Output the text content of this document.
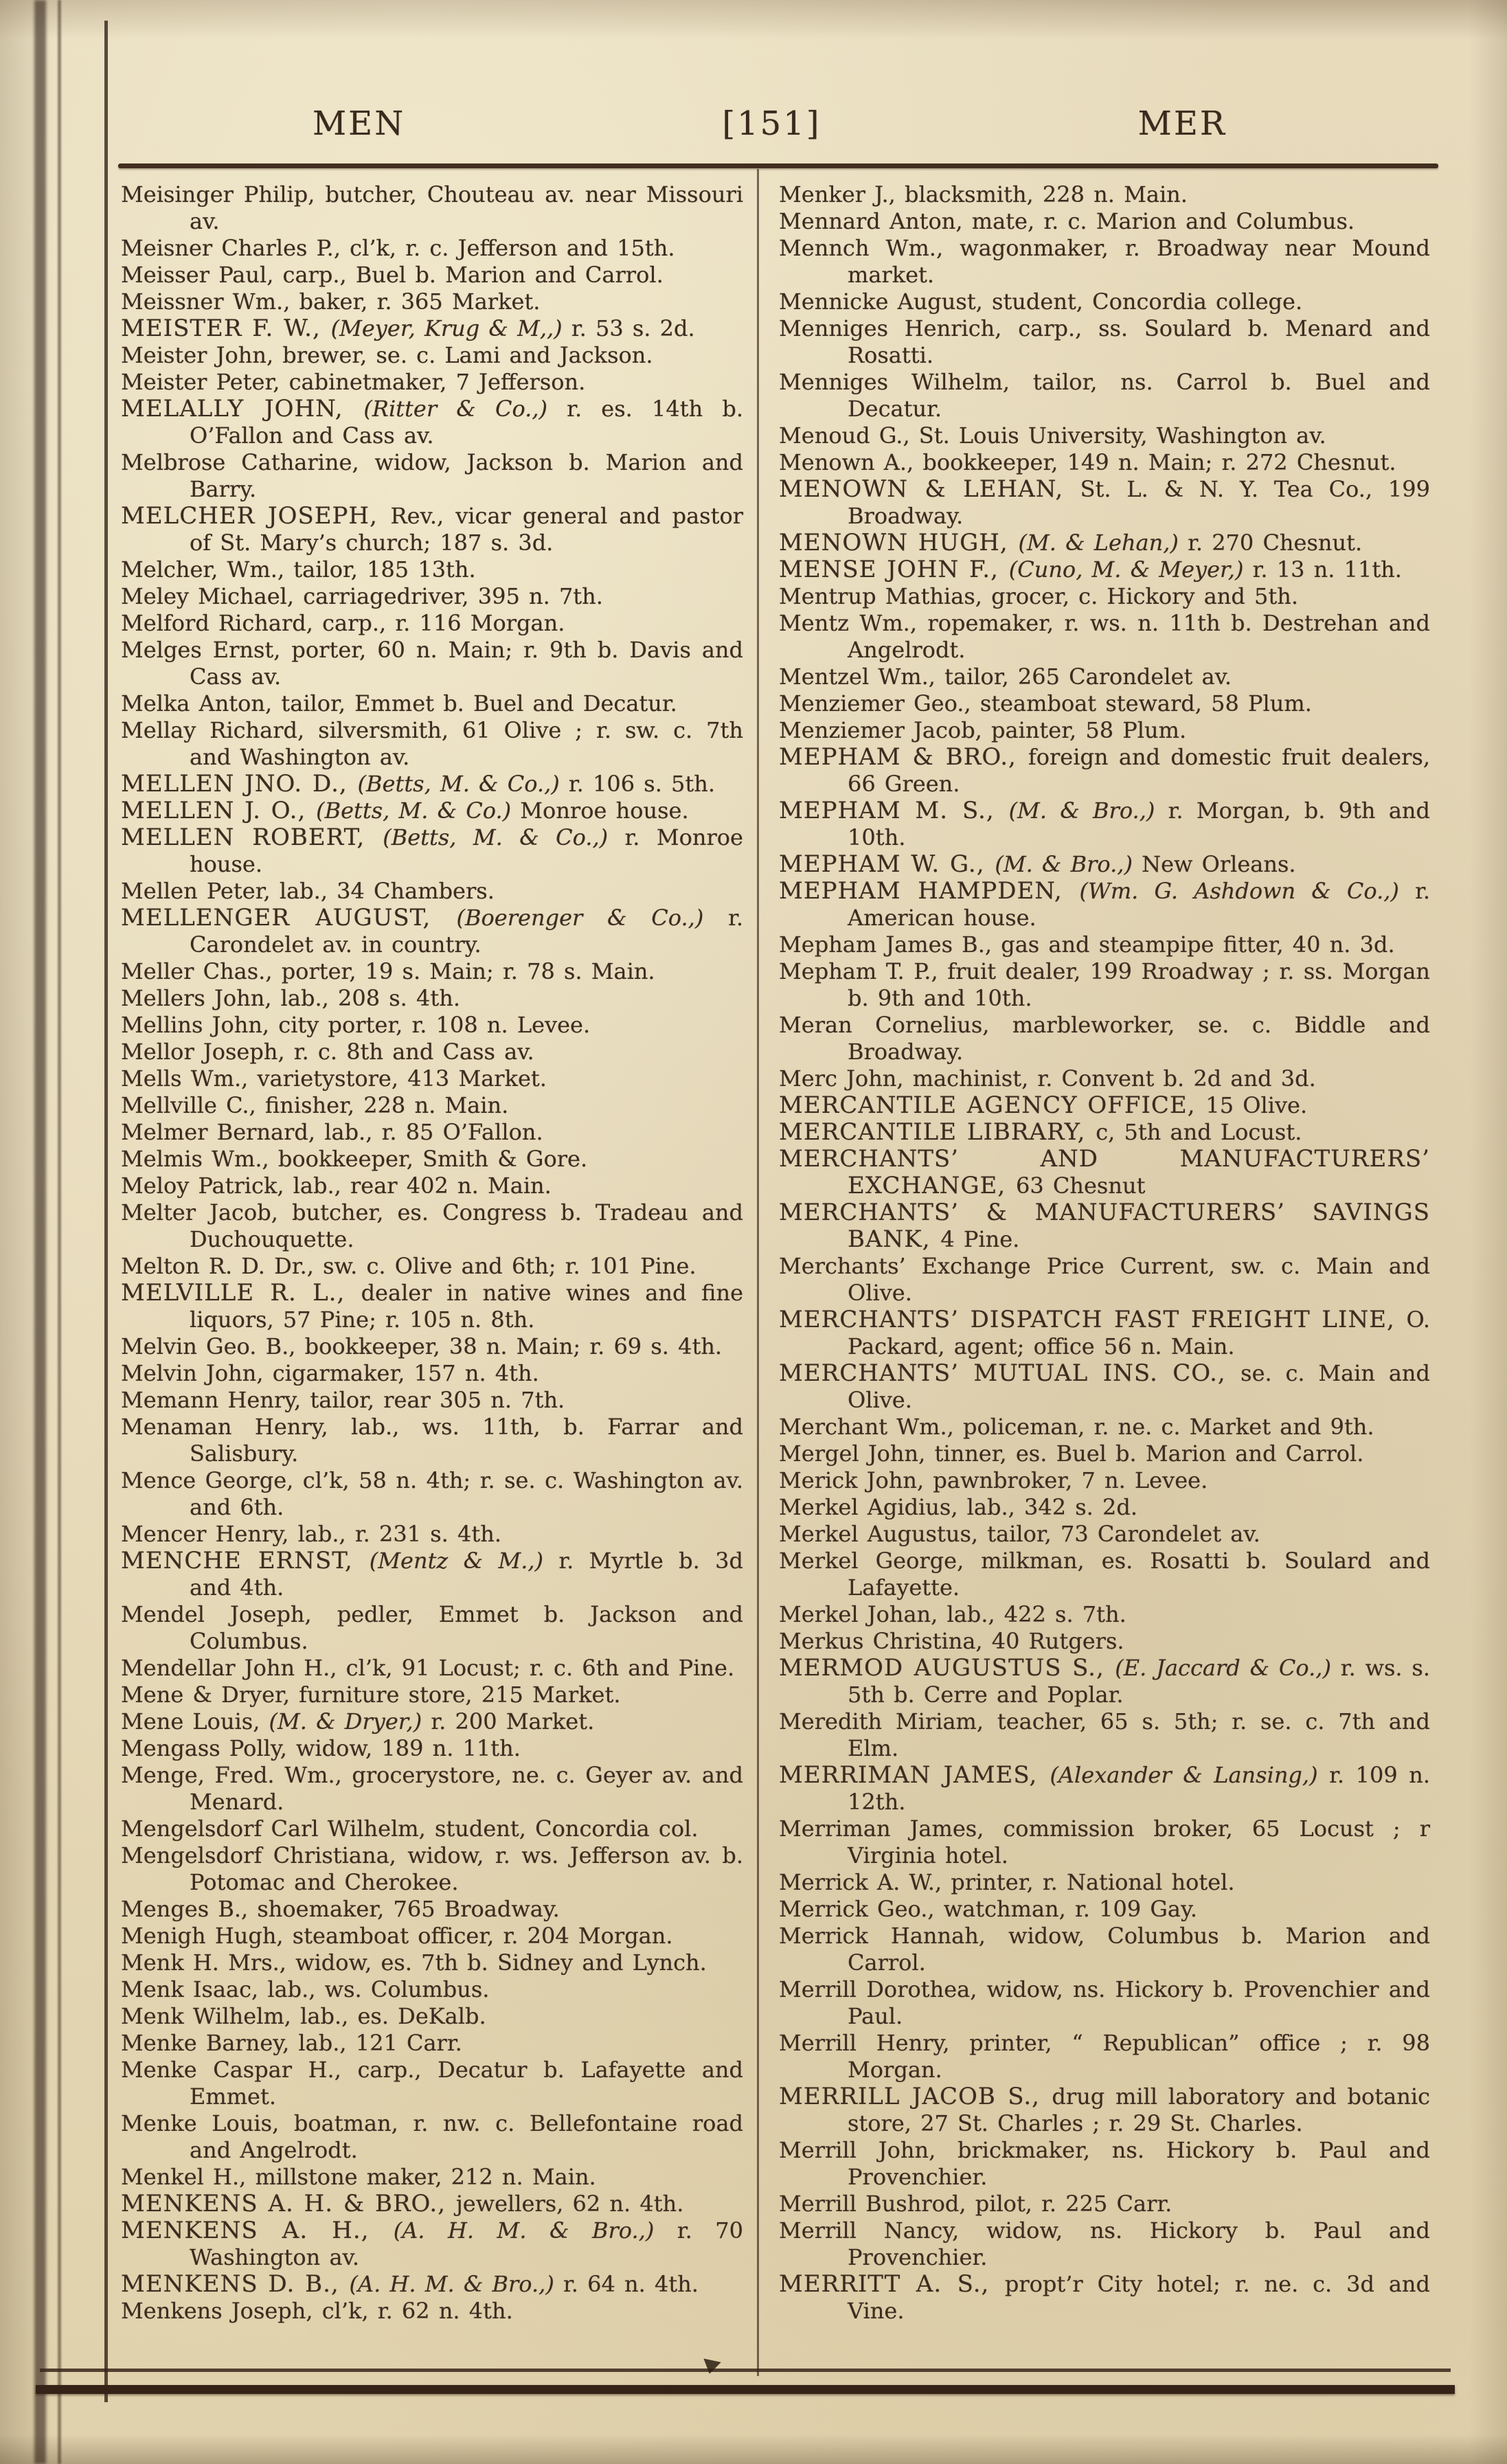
MEN	[151]	MER

Meisinger Philip, butcher, Chouteau av. near Missouri av.

Meisner Charles P., cl’k, r. c. Jefferson and 15th.

Meisser Paul, carp., Buel b. Marion and Carrol.

Meissner Wm., baker, r. 365 Market.

MEISTER F. W., (Meyer, Krug & M,,) r. 53 s. 2d.

Meister John, brewer, se. c. Lami and Jackson.

Meister Peter, cabinetmaker, 7 Jefferson.

MELALLY JOHN, (Ritter & Co.,) r. es. 14th b. O’Fallon and Cass av.

Melbrose Catharine, widow, Jackson b. Marion and Barry.

MELCHER JOSEPH, Rev., vicar general and pastor of St. Mary’s church; 187 s. 3d.

Melcher, Wm., tailor, 185 13th.

Meley Michael, carriagedriver, 395 n. 7th.

Melford Richard, carp., r. 116 Morgan.

Melges Ernst, porter, 60 n. Main; r. 9th b. Davis and Cass av.

Melka Anton, tailor, Emmet b. Buel and Decatur.

Mellay Richard, silversmith, 61 Olive ; r. sw. c. 7th and Washington av.

MELLEN JNO. D., (Betts, M. & Co.,) r. 106 s. 5th.

MELLEN J. O., (Betts, M. & Co.) Monroe house.

MELLEN ROBERT, (Betts, M. & Co.,) r. Monroe house.

Mellen Peter, lab., 34 Chambers.

MELLENGER AUGUST, (Boerenger & Co.,) r. Carondelet av. in country.

Meller Chas., porter, 19 s. Main; r. 78 s. Main.

Mellers John, lab., 208 s. 4th.

Mellins John, city porter, r. 108 n. Levee.

Mellor Joseph, r. c. 8th and Cass av.

Mells Wm., varietystore, 413 Market.

Mellville C., finisher, 228 n. Main.

Melmer Bernard, lab., r. 85 O’Fallon.

Melmis Wm., bookkeeper, Smith & Gore.

Meloy Patrick, lab., rear 402 n. Main.

Melter Jacob, butcher, es. Congress b. Tradeau and Duchouquette.

Melton R. D. Dr., sw. c. Olive and 6th; r. 101 Pine.

MELVILLE R. L., dealer in native wines and fine liquors, 57 Pine; r. 105 n. 8th.

Melvin Geo. B., bookkeeper, 38 n. Main; r. 69 s. 4th.

Melvin John, cigarmaker, 157 n. 4th.

Memann Henry, tailor, rear 305 n. 7th.

Menaman Henry, lab., ws. 11th, b. Farrar and Salisbury.

Mence George, cl’k, 58 n. 4th; r. se. c. Washington av. and 6th.

Mencer Henry, lab., r. 231 s. 4th.

MENCHE ERNST, (Mentz & M.,) r. Myrtle b. 3d and 4th.

Mendel Joseph, pedler, Emmet b. Jackson and Columbus.

Mendellar John H., cl’k, 91 Locust; r. c. 6th and Pine.

Mene & Dryer, furniture store, 215 Market.

Mene Louis, (M. & Dryer,) r. 200 Market.

Mengass Polly, widow, 189 n. 11th.

Menge, Fred. Wm., grocerystore, ne. c. Geyer av. and Menard.

Mengelsdorf Carl Wilhelm, student, Concordia col.

Mengelsdorf Christiana, widow, r. ws. Jefferson av. b. Potomac and Cherokee.

Menges B., shoemaker, 765 Broadway.

Menigh Hugh, steamboat officer, r. 204 Morgan.

Menk H. Mrs., widow, es. 7th b. Sidney and Lynch.

Menk Isaac, lab., ws. Columbus.

Menk Wilhelm, lab., es. DeKalb.

Menke Barney, lab., 121 Carr.

Menke Caspar H., carp., Decatur b. Lafayette and Emmet.

Menke Louis, boatman, r. nw. c. Bellefontaine road and Angelrodt.

Menkel H., millstone maker, 212 n. Main.

MENKENS A. H. & BRO., jewellers, 62 n. 4th.

MENKENS A. H., (A. H. M. & Bro.,) r. 70 Washington av.

MENKENS D. B., (A. H. M. & Bro.,) r. 64 n. 4th.

Menkens Joseph, cl’k, r. 62 n. 4th.

Menker J., blacksmith, 228 n. Main.

Mennard Anton, mate, r. c. Marion and Columbus.

Mennch Wm., wagonmaker, r. Broadway near Mound market.

Mennicke August, student, Concordia college.

Menniges Henrich, carp., ss. Soulard b. Menard and Rosatti.

Menniges Wilhelm, tailor, ns. Carrol b. Buel and Decatur.

Menoud G., St. Louis University, Washington av.

Menown A., bookkeeper, 149 n. Main; r. 272 Chesnut.

MENOWN & LEHAN, St. L. & N. Y. Tea Co., 199 Broadway.

MENOWN HUGH, (M. & Lehan,) r. 270 Chesnut.

MENSE JOHN F., (Cuno, M. & Meyer,) r. 13 n. 11th.

Mentrup Mathias, grocer, c. Hickory and 5th.

Mentz Wm., ropemaker, r. ws. n. 11th b. Destrehan and Angelrodt.

Mentzel Wm., tailor, 265 Carondelet av.

Menziemer Geo., steamboat steward, 58 Plum.

Menziemer Jacob, painter, 58 Plum.

MEPHAM & BRO., foreign and domestic fruit dealers, 66 Green.

MEPHAM M. S., (M. & Bro.,) r. Morgan, b. 9th and 10th.

MEPHAM W. G., (M. & Bro.,) New Orleans.

MEPHAM HAMPDEN, (Wm. G. Ashdown & Co.,) r. American house.

Mepham James B., gas and steampipe fitter, 40 n. 3d.

Mepham T. P., fruit dealer, 199 Rroadway ; r. ss. Morgan b. 9th and 10th.

Meran Cornelius, marbleworker, se. c. Biddle and Broadway.

Merc John, machinist, r. Convent b. 2d and 3d.

MERCANTILE AGENCY OFFICE, 15 Olive.

MERCANTILE LIBRARY, c, 5th and Locust.

MERCHANTS’ AND MANUFACTURERS’ EXCHANGE, 63 Chesnut

MERCHANTS’ & MANUFACTURERS’ SAVINGS BANK, 4 Pine.

Merchants’ Exchange Price Current, sw. c. Main and Olive.

MERCHANTS’ DISPATCH FAST FREIGHT LINE, O. Packard, agent; office 56 n. Main.

MERCHANTS’ MUTUAL INS. CO., se. c. Main and Olive.

Merchant Wm., policeman, r. ne. c. Market and 9th.

Mergel John, tinner, es. Buel b. Marion and Carrol.

Merick John, pawnbroker, 7 n. Levee.

Merkel Agidius, lab., 342 s. 2d.

Merkel Augustus, tailor, 73 Carondelet av.

Merkel George, milkman, es. Rosatti b. Soulard and Lafayette.

Merkel Johan, lab., 422 s. 7th.

Merkus Christina, 40 Rutgers.

MERMOD AUGUSTUS S., (E. Jaccard & Co.,) r. ws. s. 5th b. Cerre and Poplar.

Meredith Miriam, teacher, 65 s. 5th; r. se. c. 7th and Elm.

MERRIMAN JAMES, (Alexander & Lansing,) r. 109 n. 12th.

Merriman James, commission broker, 65 Locust ; r Virginia hotel.

Merrick A. W., printer, r. National hotel.

Merrick Geo., watchman, r. 109 Gay.

Merrick Hannah, widow, Columbus b. Marion and Carrol.

Merrill Dorothea, widow, ns. Hickory b. Provenchier and Paul.

Merrill Henry, printer, “ Republican” office ; r. 98 Morgan.

MERRILL JACOB S., drug mill laboratory and botanic store, 27 St. Charles ; r. 29 St. Charles.

Merrill John, brickmaker, ns. Hickory b. Paul and Provenchier.

Merrill Bushrod, pilot, r. 225 Carr.

Merrill Nancy, widow, ns. Hickory b. Paul and Provenchier.

MERRITT A. S., propt’r City hotel; r. ne. c. 3d and Vine.
